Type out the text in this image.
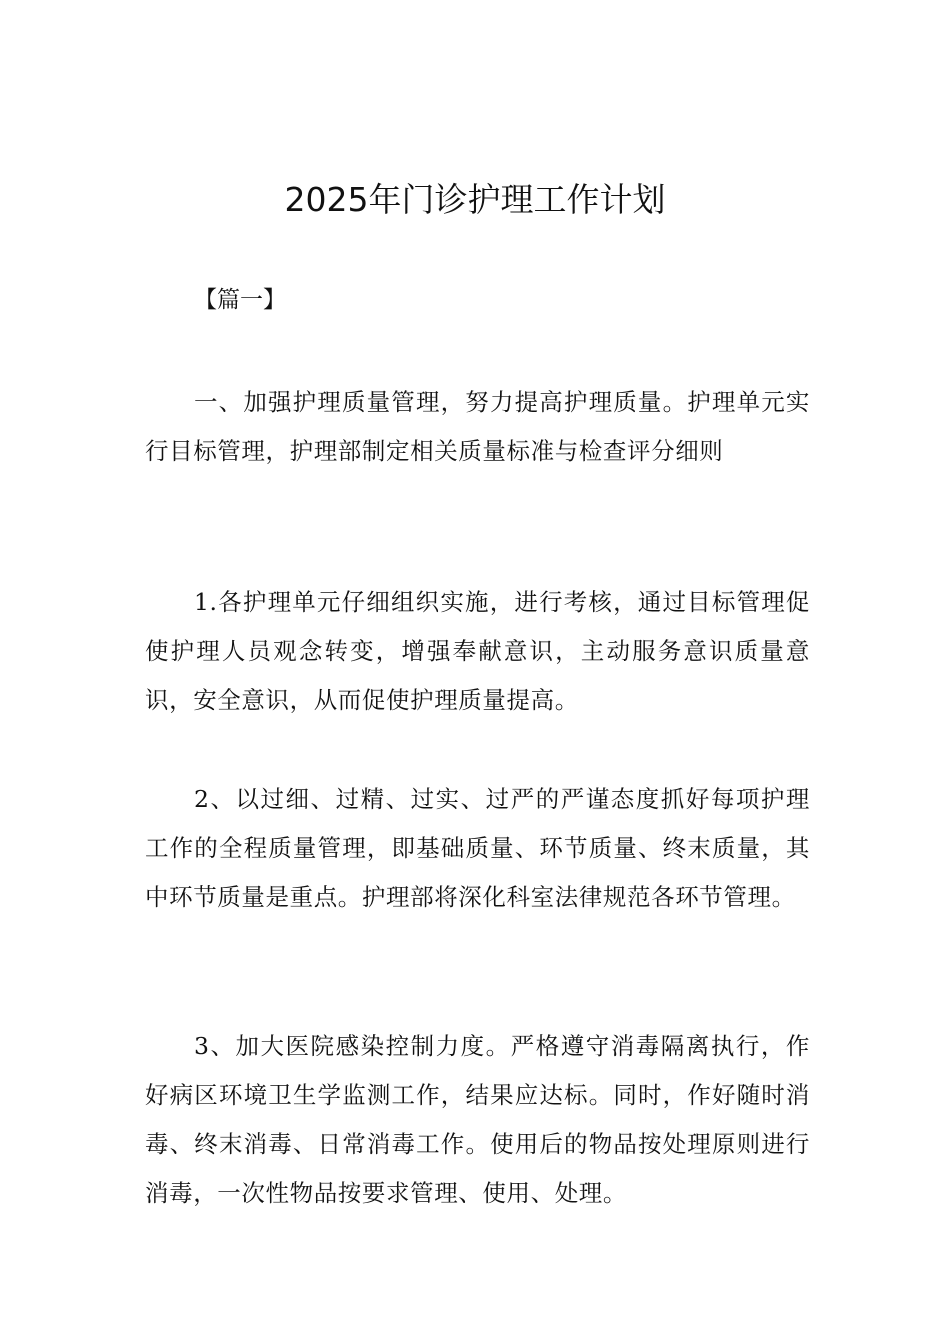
2025年门诊护理工作计划

【篇一】

一、加强护理质量管理，努力提高护理质量。护理单元实行目标管理，护理部制定相关质量标准与检查评分细则

1.各护理单元仔细组织实施，进行考核，通过目标管理促使护理人员观念转变，增强奉献意识，主动服务意识质量意识，安全意识，从而促使护理质量提高。

2、以过细、过精、过实、过严的严谨态度抓好每项护理工作的全程质量管理，即基础质量、环节质量、终末质量，其中环节质量是重点。护理部将深化科室法律规范各环节管理。

3、加大医院感染控制力度。严格遵守消毒隔离执行，作好病区环境卫生学监测工作，结果应达标。同时，作好随时消毒、终末消毒、日常消毒工作。使用后的物品按处理原则进行消毒，一次性物品按要求管理、使用、处理。
